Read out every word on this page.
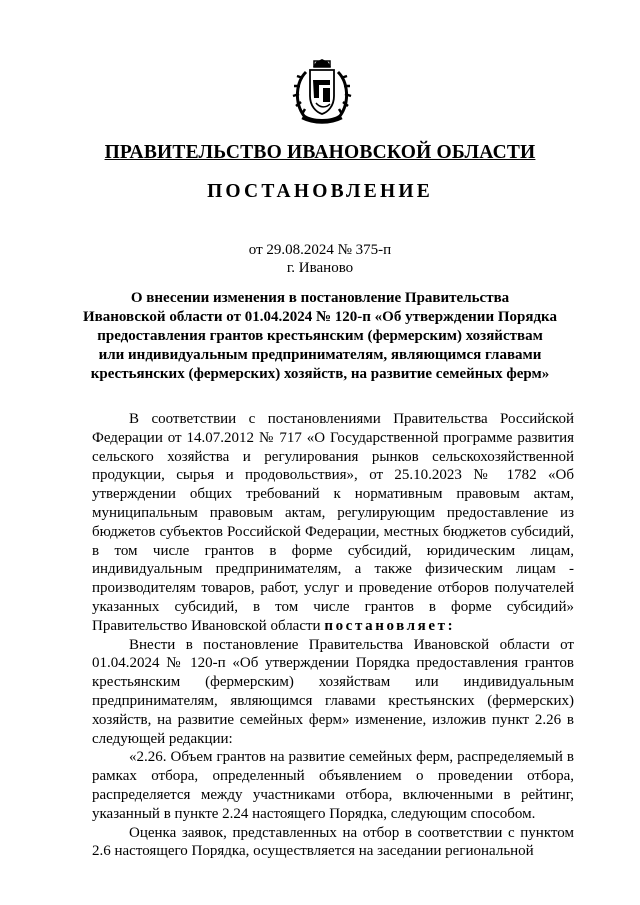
ПРАВИТЕЛЬСТВО ИВАНОВСКОЙ ОБЛАСТИ
ПОСТАНОВЛЕНИЕ
от 29.08.2024 № 375-п
г. Иваново
О внесении изменения в постановление Правительства
Ивановской области от 01.04.2024 № 120-п «Об утверждении Порядка
предоставления грантов крестьянским (фермерским) хозяйствам
или индивидуальным предпринимателям, являющимся главами
крестьянских (фермерских) хозяйств, на развитие семейных ферм»

В соответствии с постановлениями Правительства Российской Федерации от 14.07.2012 № 717 «О Государственной программе развития сельского хозяйства и регулирования рынков сельскохозяйственной продукции, сырья и продовольствия», от 25.10.2023 № 1782 «Об утверждении общих требований к нормативным правовым актам, муниципальным правовым актам, регулирующим предоставление из бюджетов субъектов Российской Федерации, местных бюджетов субсидий, в том числе грантов в форме субсидий, юридическим лицам, индивидуальным предпринимателям, а также физическим лицам - производителям товаров, работ, услуг и проведение отборов получателей указанных субсидий, в том числе грантов в форме субсидий» Правительство Ивановской области постановляет:

Внести в постановление Правительства Ивановской области от 01.04.2024 № 120-п «Об утверждении Порядка предоставления грантов крестьянским (фермерским) хозяйствам или индивидуальным предпринимателям, являющимся главами крестьянских (фермерских) хозяйств, на развитие семейных ферм» изменение, изложив пункт 2.26 в следующей редакции:

«2.26. Объем грантов на развитие семейных ферм, распределяемый в рамках отбора, определенный объявлением о проведении отбора, распределяется между участниками отбора, включенными в рейтинг, указанный в пункте 2.24 настоящего Порядка, следующим способом.

Оценка заявок, представленных на отбор в соответствии с пунктом 2.6 настоящего Порядка, осуществляется на заседании региональной
